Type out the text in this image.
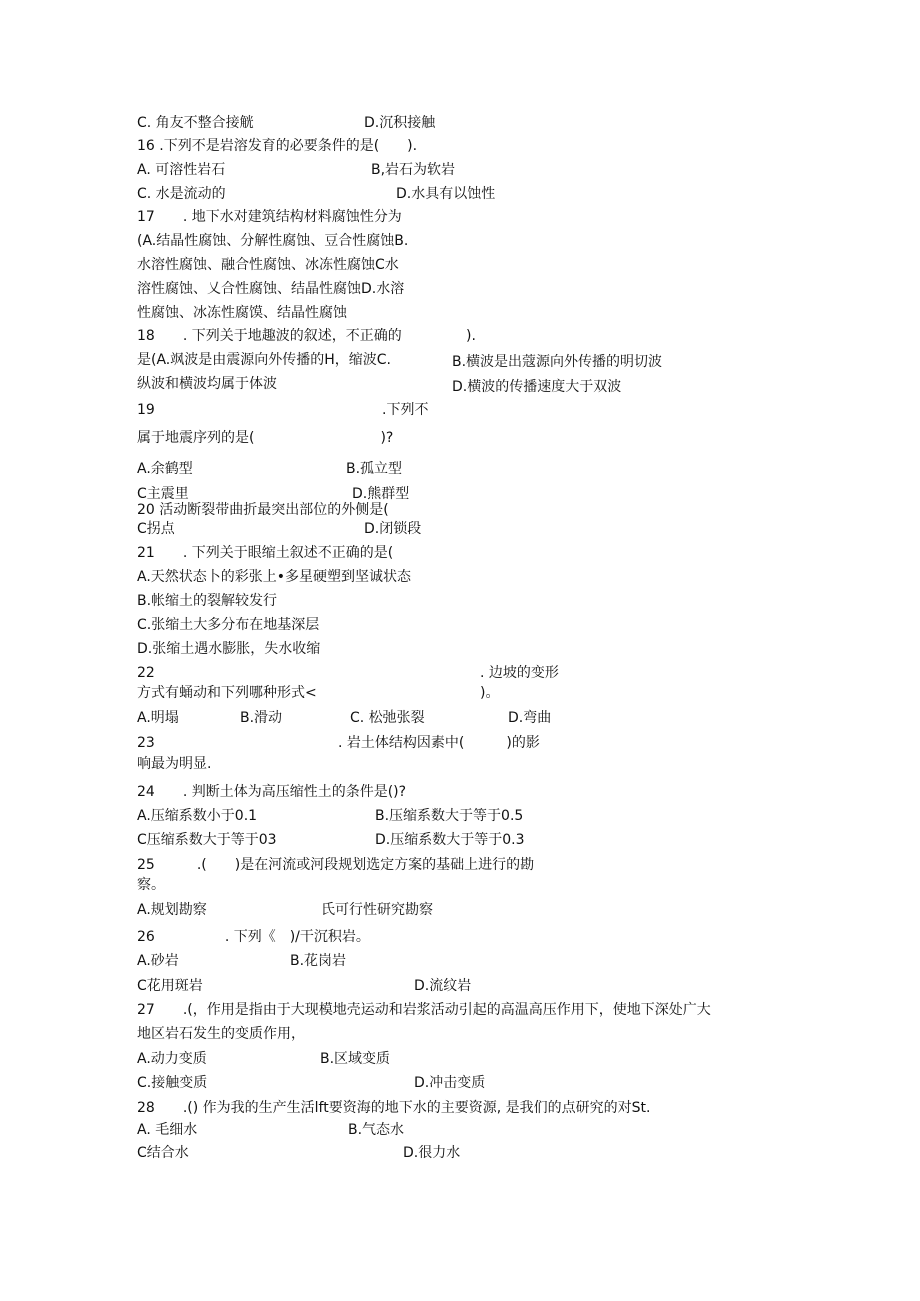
C. 角友不整合接觥	D.沉积接触
16 .下列不是岩溶发育的必要条件的是(　　).
A. 可溶性岩石	B,岩石为软岩
C. 水是流动的	D.水具有以蚀性
17　　. 地下水对建筑结构材料腐蚀性分为
(A.结晶性腐蚀、分解性腐蚀、豆合性腐蚀B.
水溶性腐蚀、融合性腐蚀、冰冻性腐蚀C水
溶性腐蚀、乂合性腐蚀、结晶性腐蚀D.水溶
性腐蚀、冰冻性腐馍、结晶性腐蚀
18　　. 下列关于地趣波的叙述，不正确的	).
是(A.飒波是由震源向外传播的H，缩波C.	B.横波是出蔻源向外传播的明切波
纵波和横波均属于体波	D.横波的传播速度大于双波
19	.下列不
属于地震序列的是(　　　　　　　　　)?
A.余鹤型	B.孤立型
C主震里	D.熊群型
C拐点	D.闭锁段
21　　. 下列关于眼缩土叙述不正确的是(
A.天然状态卜的彩张上•多星硬塑到坚诚状态
B.帐缩土的裂解较发行
C.张缩土大多分布在地基深层
D.张缩土遇水膨胀，失水收缩
22	. 边坡的变形
方式有蛹动和下列哪种形式<	)。
A.明塌	B.滑动	C. 松弛张裂	D.弯曲
23	. 岩土体结构因素中(　　　)的影
响最为明显.
24　　. 判断土体为高压缩性土的条件是()?
A.压缩系数小于0.1	B.压缩系数大于等于0.5
C压缩系数大于等于03	D.压缩系数大于等于0.3
25　　　.(　　)是在河流或河段规划选定方案的基础上进行的勘
察。
A.规划勘察	氏可行性研究勘察
26　　　　　. 下列《　)/干沉积岩。
A.砂岩	B.花岗岩
C花用斑岩	D.流纹岩
27　　.(，作用是指由于大现模地壳运动和岩浆活动引起的高温高压作用下，使地下深处广大
地区岩石发生的变质作用，
A.动力变质	B.区域变质
C.接触变质	D.冲击变质
28　　.() 作为我的生产生活lft要资海的地下水的主要资源, 是我们的点研究的对St.
A. 毛细水	B.气态水
C结合水	D.很力水
20 活动断裂带曲折最突出部位的外侧是(
